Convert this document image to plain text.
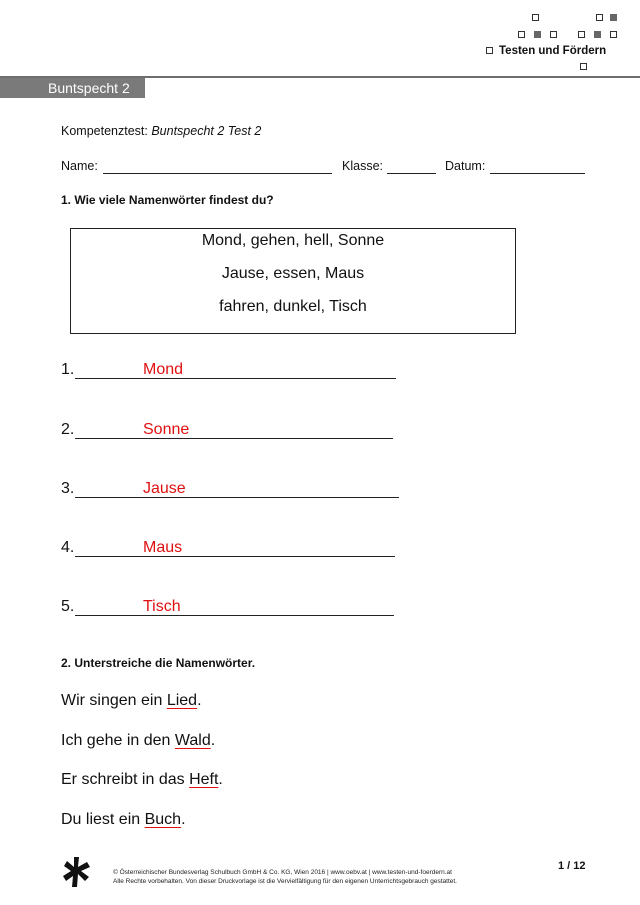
Testen und Fördern
Buntspecht 2
Kompetenztest: Buntspecht 2 Test 2
Name:	Klasse:	Datum:
1. Wie viele Namenwörter findest du?
Mond, gehen, hell, Sonne
Jause, essen, Maus
fahren, dunkel, Tisch
1.	Mond
2.	Sonne
3.	Jause
4.	Maus
5.	Tisch
2. Unterstreiche die Namenwörter.
Wir singen ein Lied.
Ich gehe in den Wald.
Er schreibt in das Heft.
Du liest ein Buch.
© Österreichischer Bundesverlag Schulbuch GmbH & Co. KG, Wien 2016 | www.oebv.at | www.testen-und-foerdern.at
Alle Rechte vorbehalten. Von dieser Druckvorlage ist die Vervielfältigung für den eigenen Unterrichtsgebrauch gestattet.
1 / 12
